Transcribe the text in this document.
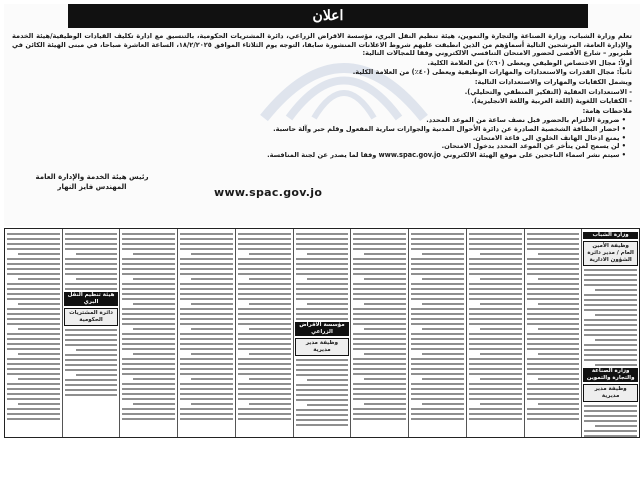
اعلان
تعلم وزارة الشباب، وزارة الصناعة والتجارة والتموين، هيئة تنظيم النقل البري، مؤسسة الاقراض الزراعي، دائرة المشتريات الحكومية، بالتنسيق مع ادارة تكليف القيادات الوظيفية/هيئة الخدمة والإدارة العامة، المرشحين التالية أسماؤهم من الذين انطبقت عليهم شروط الاعلانات المنشورة سابقا، التوجه يوم الثلاثاء الموافق ١٨/٢/٢٠٢٥، الساعة العاشرة صباحا، في مبنى الهيئة الكائن في طبربور – شارع الأقصى لحضور الامتحان التنافسي الالكتروني وفقا للمجالات التالية:
أولاً: مجال الاختصاص الوظيفي ويعطى (٦٠٪) من العلامة الكلية.
ثانياً: مجال القدرات والاستعدادات والمهارات الوظيفية ويعطى (٤٠٪) من العلامة الكلية.
ويشمل الكفايات والمهارات والاستعدادات التالية:
- الاستعدادات العقلية (التفكير المنطقي والتحليلي).
- الكفايات اللغوية (اللغة العربية واللغة الانجليزية).
ملاحظات هامة:
• ضرورة الالتزام بالحضور قبل نصف ساعة من الموعد المحدد.
• احضار البطاقة الشخصية الصادرة عن دائرة الأحوال المدنية والجوازات سارية المفعول وقلم حبر وآلة حاسبة.
• يمنع ادخال الهاتف الخلوي الى قاعة الامتحان.
• لن يسمح لمن يتأخر عن الموعد المحدد بدخول الامتحان.
• سيتم نشر اسماء الناجحين على موقع الهيئة الالكتروني www.spac.gov.jo وفقا لما يصدر عن لجنة المنافسة.
رئيس هيئة الخدمة والإدارة العامة
المهندس فايز النهار	www.spac.gov.jo
وزارة الشباب
وظيفة الأمين العام / مدير دائرة الشؤون الادارية
وزارة الصناعة والتجارة والتموين
وظيفة مدير مديرية
مؤسسة الاقراض الزراعي
وظيفة مدير مديرية
هيئة تنظيم النقل البري
دائرة المشتريات الحكومية
